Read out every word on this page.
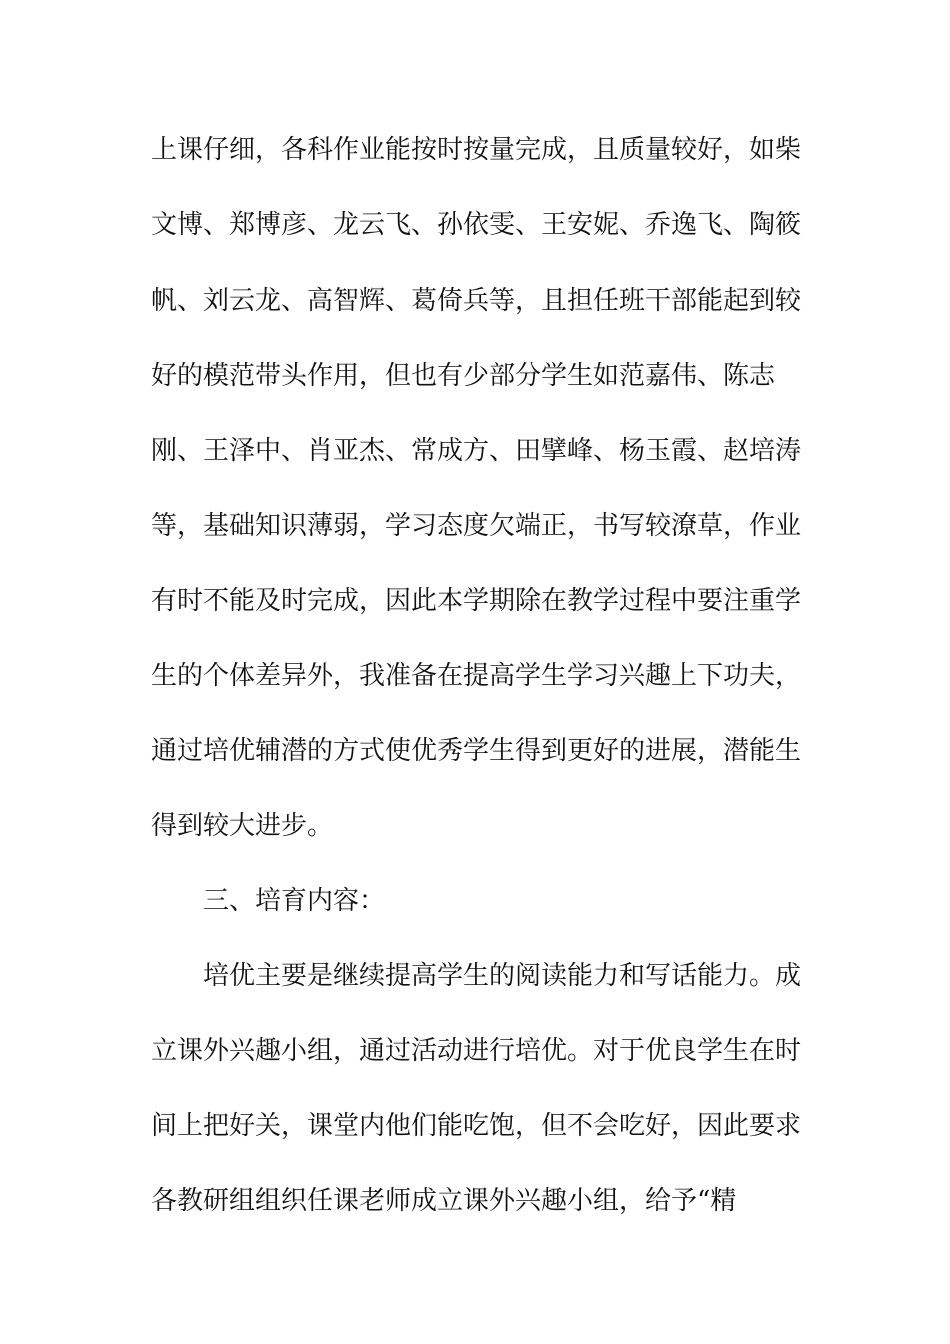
上课仔细，各科作业能按时按量完成，且质量较好，如柴
文博、郑博彦、龙云飞、孙依雯、王安妮、乔逸飞、陶筱
帆、刘云龙、高智辉、葛倚兵等，且担任班干部能起到较
好的模范带头作用，但也有少部分学生如范嘉伟、陈志
刚、王泽中、肖亚杰、常成方、田擘峰、杨玉霞、赵培涛
等，基础知识薄弱，学习态度欠端正，书写较潦草，作业
有时不能及时完成，因此本学期除在教学过程中要注重学
生的个体差异外，我准备在提高学生学习兴趣上下功夫，
通过培优辅潜的方式使优秀学生得到更好的进展，潜能生
得到较大进步。
三、培育内容：
培优主要是继续提高学生的阅读能力和写话能力。成
立课外兴趣小组，通过活动进行培优。对于优良学生在时
间上把好关，课堂内他们能吃饱，但不会吃好，因此要求
各教研组组织任课老师成立课外兴趣小组，给予“精
